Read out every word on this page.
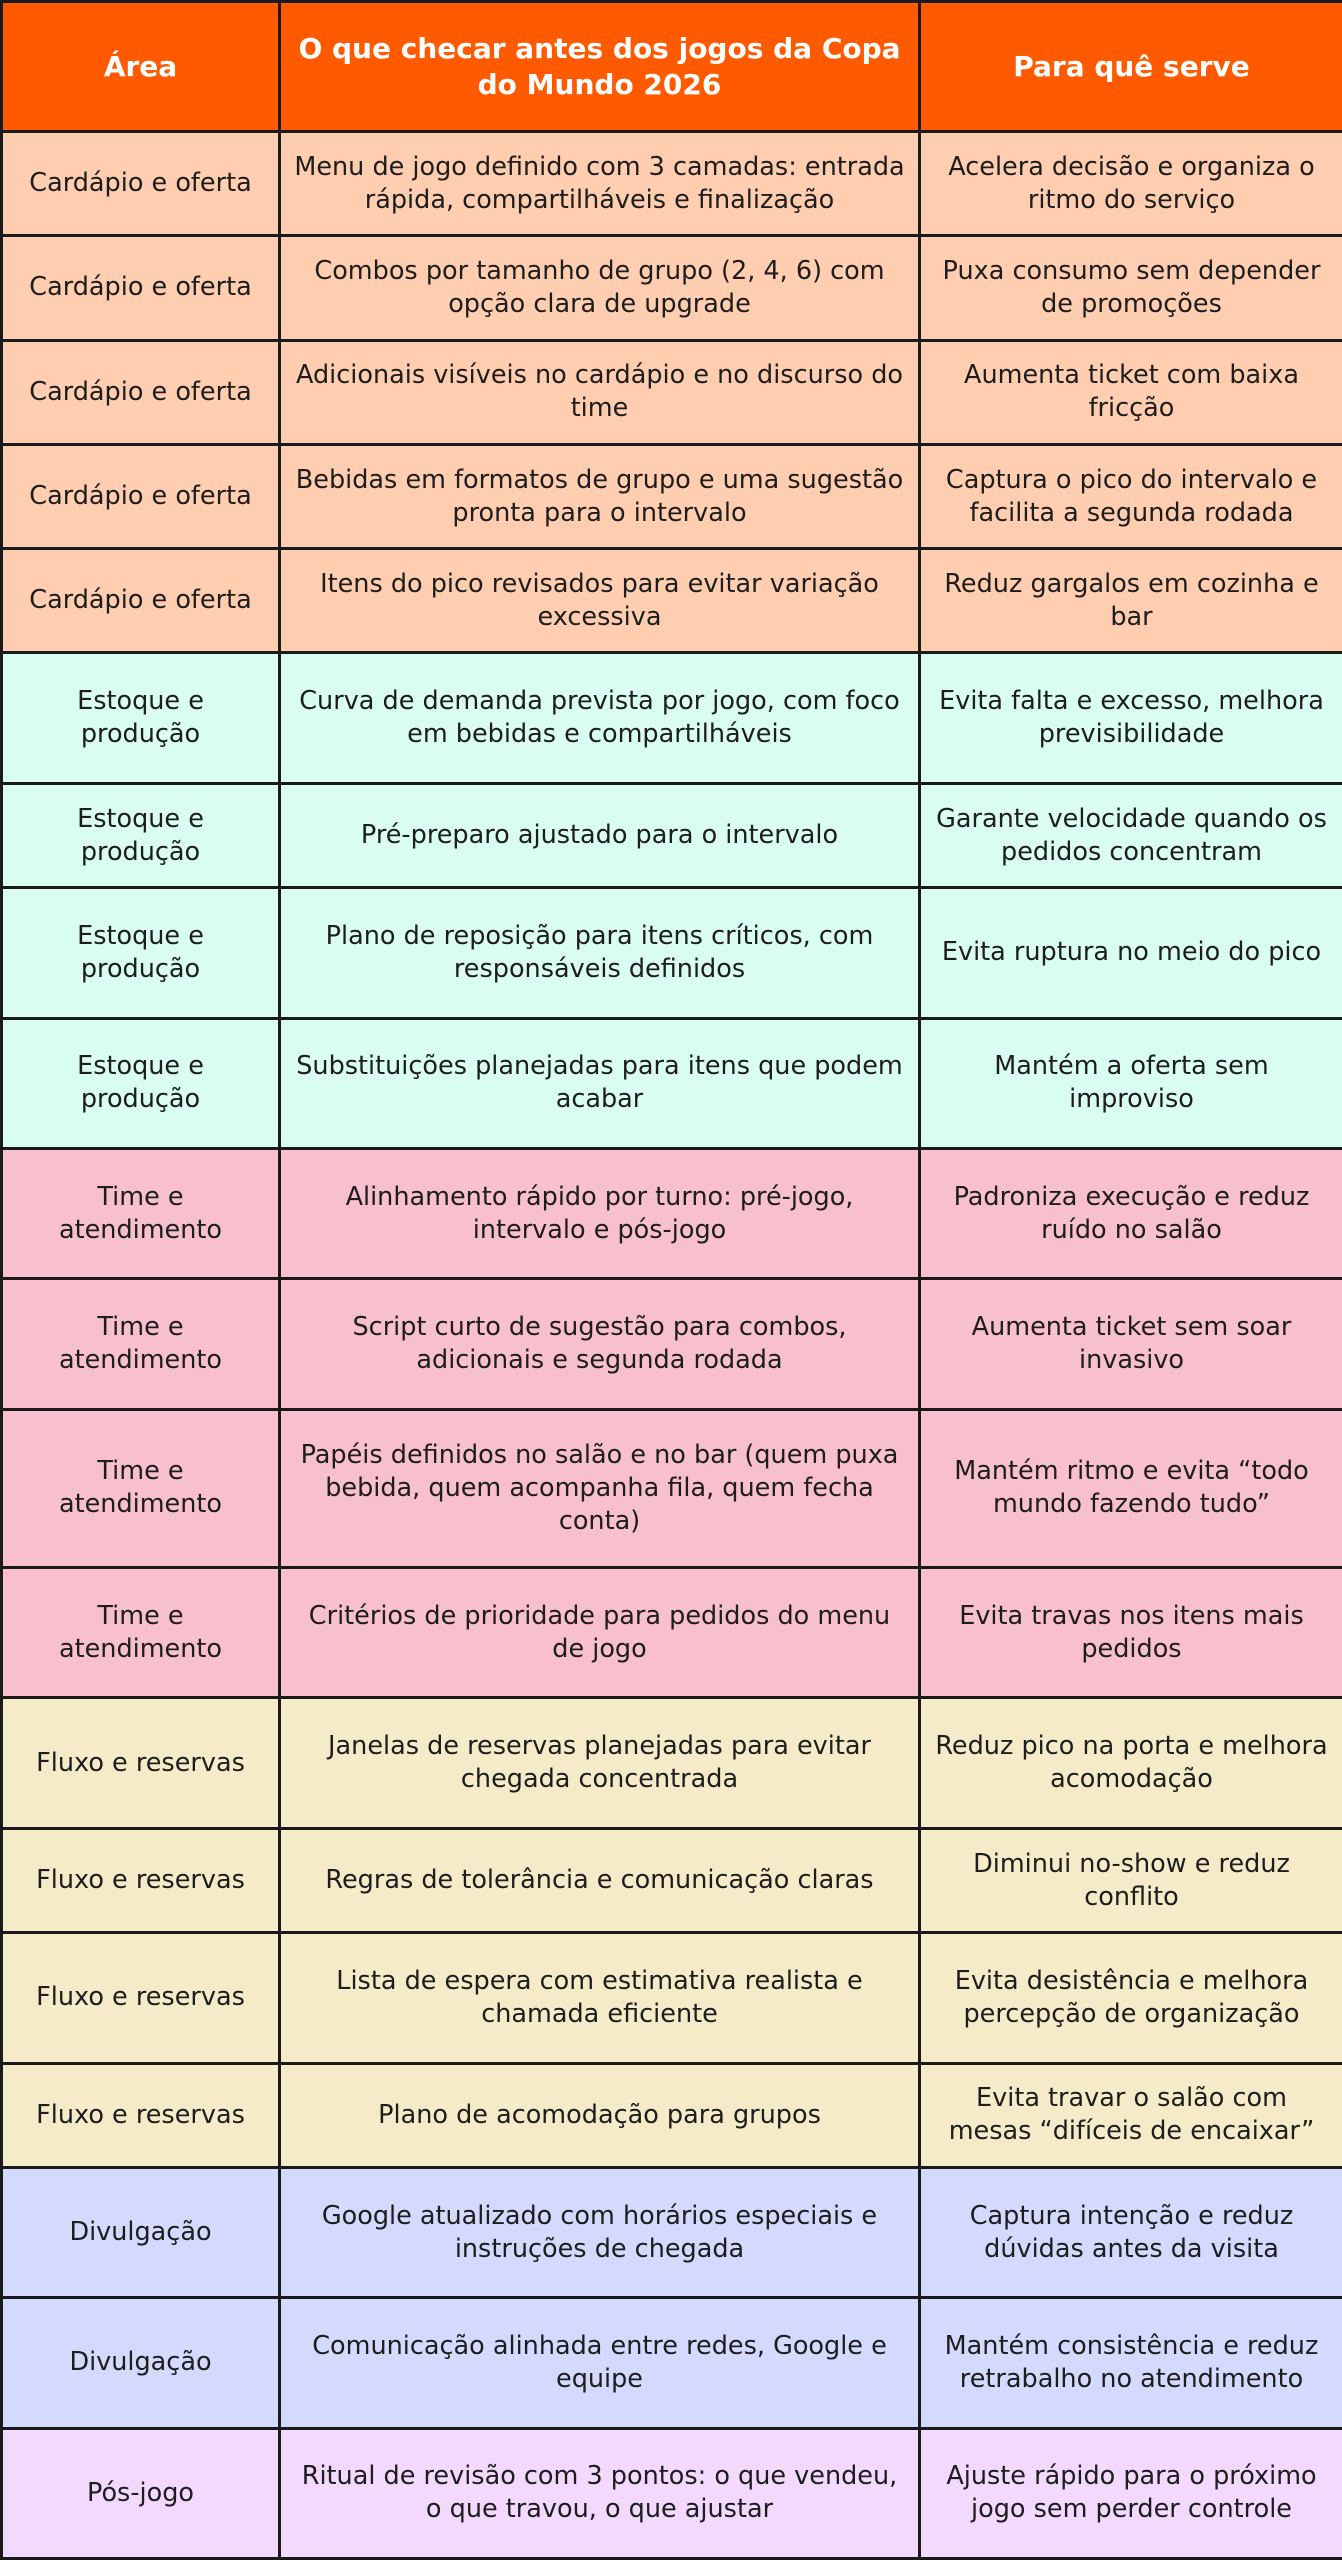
Área	O que checar antes dos jogos da Copa do Mundo 2026	Para quê serve
Cardápio e oferta	Menu de jogo definido com 3 camadas: entrada rápida, compartilháveis e finalização	Acelera decisão e organiza o ritmo do serviço
Cardápio e oferta	Combos por tamanho de grupo (2, 4, 6) com opção clara de upgrade	Puxa consumo sem depender de promoções
Cardápio e oferta	Adicionais visíveis no cardápio e no discurso do time	Aumenta ticket com baixa fricção
Cardápio e oferta	Bebidas em formatos de grupo e uma sugestão pronta para o intervalo	Captura o pico do intervalo e facilita a segunda rodada
Cardápio e oferta	Itens do pico revisados para evitar variação excessiva	Reduz gargalos em cozinha e bar
Estoque e produção	Curva de demanda prevista por jogo, com foco em bebidas e compartilháveis	Evita falta e excesso, melhora previsibilidade
Estoque e produção	Pré-preparo ajustado para o intervalo	Garante velocidade quando os pedidos concentram
Estoque e produção	Plano de reposição para itens críticos, com responsáveis definidos	Evita ruptura no meio do pico
Estoque e produção	Substituições planejadas para itens que podem acabar	Mantém a oferta sem improviso
Time e atendimento	Alinhamento rápido por turno: pré-jogo, intervalo e pós-jogo	Padroniza execução e reduz ruído no salão
Time e atendimento	Script curto de sugestão para combos, adicionais e segunda rodada	Aumenta ticket sem soar invasivo
Time e atendimento	Papéis definidos no salão e no bar (quem puxa bebida, quem acompanha fila, quem fecha conta)	Mantém ritmo e evita “todo mundo fazendo tudo”
Time e atendimento	Critérios de prioridade para pedidos do menu de jogo	Evita travas nos itens mais pedidos
Fluxo e reservas	Janelas de reservas planejadas para evitar chegada concentrada	Reduz pico na porta e melhora acomodação
Fluxo e reservas	Regras de tolerância e comunicação claras	Diminui no-show e reduz conflito
Fluxo e reservas	Lista de espera com estimativa realista e chamada eficiente	Evita desistência e melhora percepção de organização
Fluxo e reservas	Plano de acomodação para grupos	Evita travar o salão com mesas “difíceis de encaixar”
Divulgação	Google atualizado com horários especiais e instruções de chegada	Captura intenção e reduz dúvidas antes da visita
Divulgação	Comunicação alinhada entre redes, Google e equipe	Mantém consistência e reduz retrabalho no atendimento
Pós-jogo	Ritual de revisão com 3 pontos: o que vendeu, o que travou, o que ajustar	Ajuste rápido para o próximo jogo sem perder controle
